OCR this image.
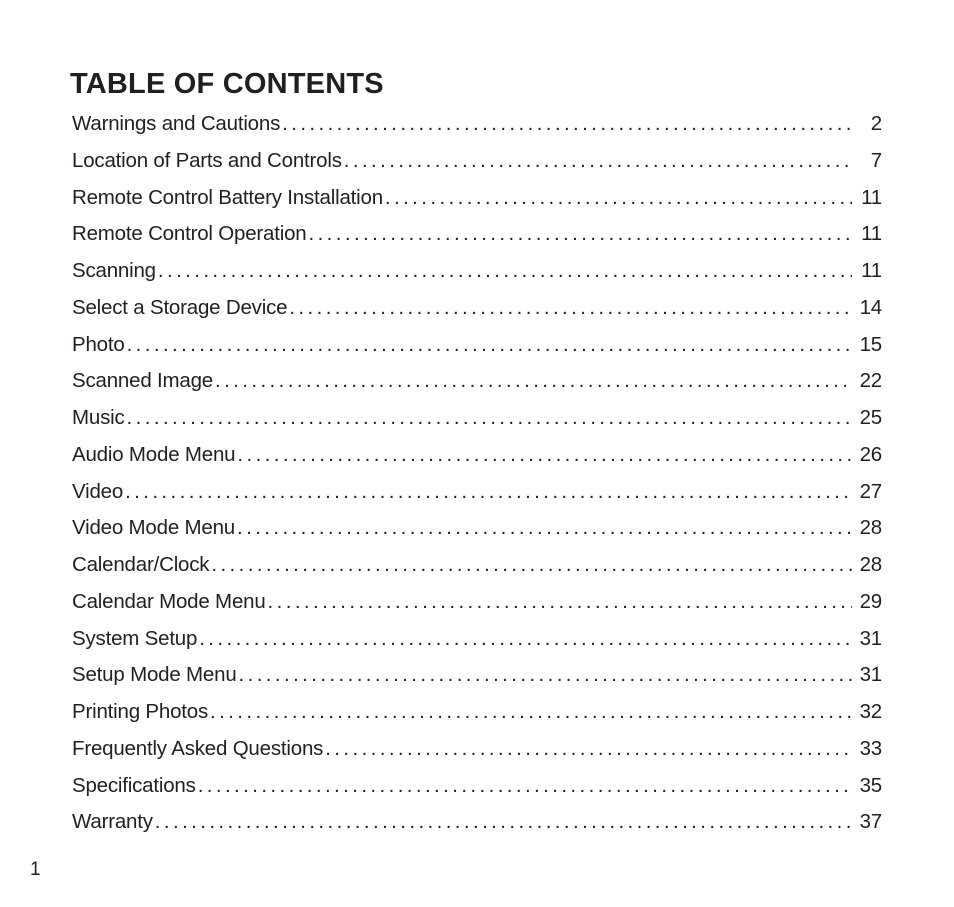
TABLE OF CONTENTS
Warnings and Cautions . . .	2
Location of Parts and Controls . . .	7
Remote Control Battery Installation . . .	11
Remote Control Operation . . .	11
Scanning . . .	11
Select a Storage Device . . .	14
Photo . . .	15
Scanned Image . . .	22
Music . . .	25
Audio Mode Menu . . .	26
Video . . .	27
Video Mode Menu . . .	28
Calendar/Clock . . .	28
Calendar Mode Menu . . .	29
System Setup . . .	31
Setup Mode Menu . . .	31
Printing Photos . . .	32
Frequently Asked Questions . . .	33
Specifications . . .	35
Warranty . . .	37
1
